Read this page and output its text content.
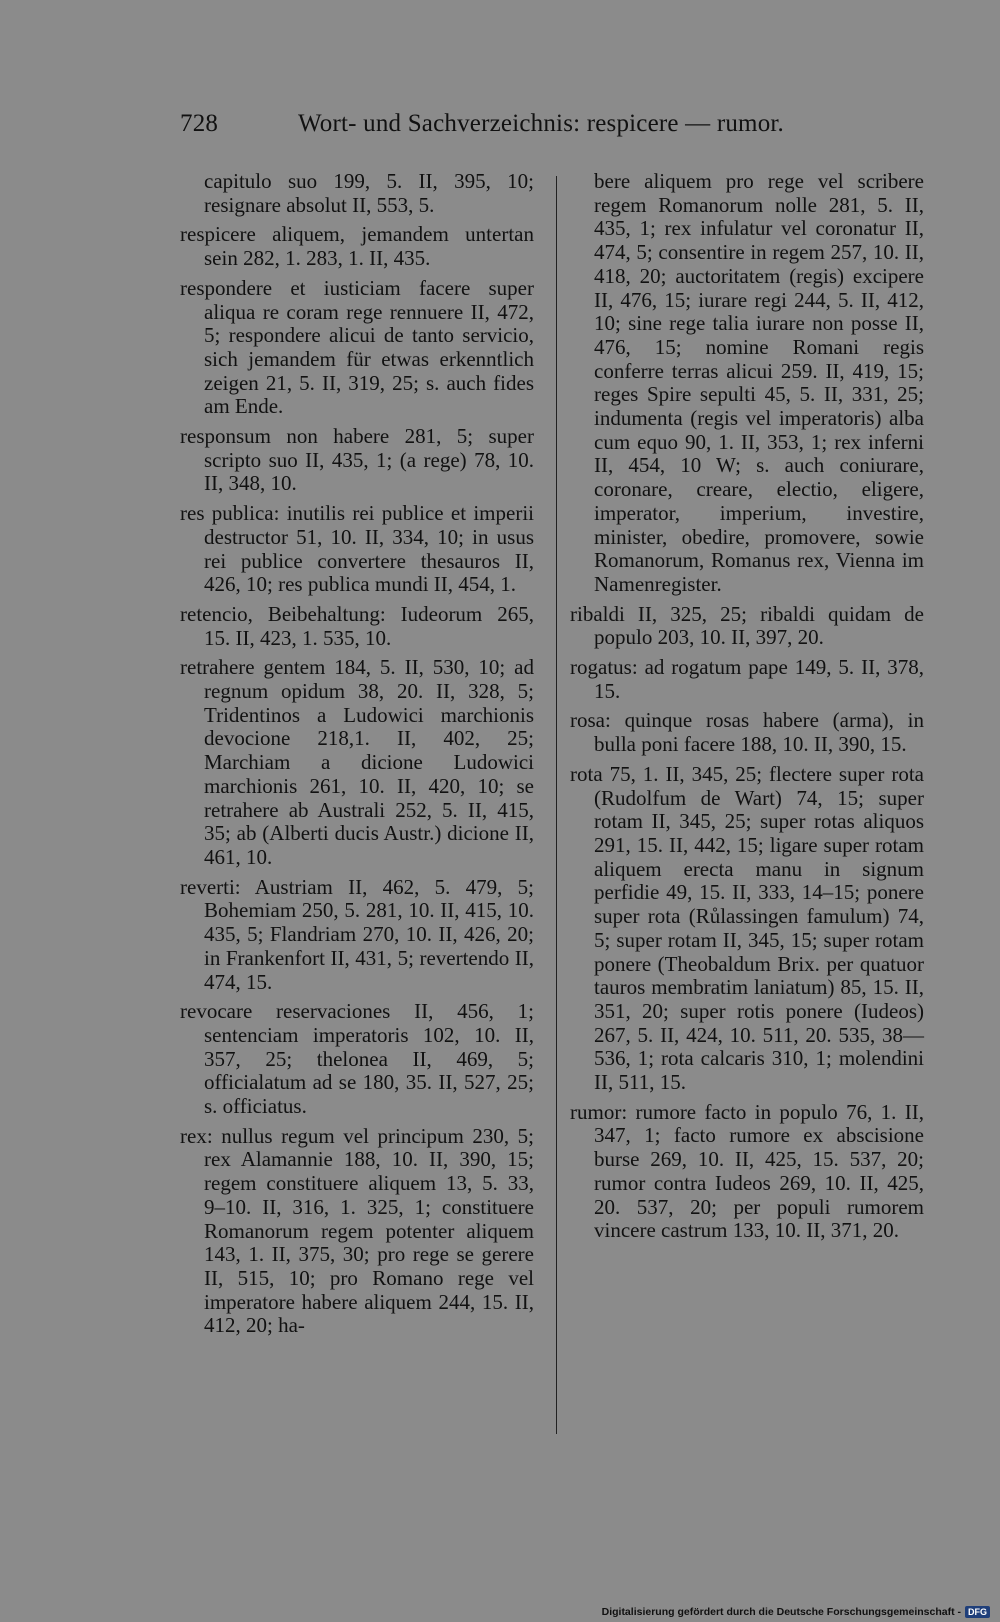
728	Wort- und Sachverzeichnis: respicere — rumor.

capitulo suo 199, 5. II, 395, 10; resignare absolut II, 553, 5.

respicere aliquem, jemandem untertan sein 282, 1. 283, 1. II, 435.

respondere et iusticiam facere super aliqua re coram rege rennuere II, 472, 5; respondere alicui de tanto servicio, sich jemandem für etwas erkenntlich zeigen 21, 5. II, 319, 25; s. auch fides am Ende.

responsum non habere 281, 5; super scripto suo II, 435, 1; (a rege) 78, 10. II, 348, 10.

res publica: inutilis rei publice et imperii destructor 51, 10. II, 334, 10; in usus rei publice convertere thesauros II, 426, 10; res publica mundi II, 454, 1.

retencio, Beibehaltung: Iudeorum 265, 15. II, 423, 1. 535, 10.

retrahere gentem 184, 5. II, 530, 10; ad regnum opidum 38, 20. II, 328, 5; Tridentinos a Ludowici marchionis devocione 218,1. II, 402, 25; Marchiam a dicione Ludowici marchionis 261, 10. II, 420, 10; se retrahere ab Australi 252, 5. II, 415, 35; ab (Alberti ducis Austr.) dicione II, 461, 10.

reverti: Austriam II, 462, 5. 479, 5; Bohemiam 250, 5. 281, 10. II, 415, 10. 435, 5; Flandriam 270, 10. II, 426, 20; in Frankenfort II, 431, 5; revertendo II, 474, 15.

revocare reservaciones II, 456, 1; sentenciam imperatoris 102, 10. II, 357, 25; thelonea II, 469, 5; officialatum ad se 180, 35. II, 527, 25; s. officiatus.

rex: nullus regum vel principum 230, 5; rex Alamannie 188, 10. II, 390, 15; regem constituere aliquem 13, 5. 33, 9–10. II, 316, 1. 325, 1; constituere Romanorum regem potenter aliquem 143, 1. II, 375, 30; pro rege se gerere II, 515, 10; pro Romano rege vel imperatore habere aliquem 244, 15. II, 412, 20; ha-

bere aliquem pro rege vel scribere regem Romanorum nolle 281, 5. II, 435, 1; rex infulatur vel coronatur II, 474, 5; consentire in regem 257, 10. II, 418, 20; auctoritatem (regis) excipere II, 476, 15; iurare regi 244, 5. II, 412, 10; sine rege talia iurare non posse II, 476, 15; nomine Romani regis conferre terras alicui 259. II, 419, 15; reges Spire sepulti 45, 5. II, 331, 25; indumenta (regis vel imperatoris) alba cum equo 90, 1. II, 353, 1; rex inferni II, 454, 10 W; s. auch coniurare, coronare, creare, electio, eligere, imperator, imperium, investire, minister, obedire, promovere, sowie Romanorum, Romanus rex, Vienna im Namenregister.

ribaldi II, 325, 25; ribaldi quidam de populo 203, 10. II, 397, 20.

rogatus: ad rogatum pape 149, 5. II, 378, 15.

rosa: quinque rosas habere (arma), in bulla poni facere 188, 10. II, 390, 15.

rota 75, 1. II, 345, 25; flectere super rota (Rudolfum de Wart) 74, 15; super rotam II, 345, 25; super rotas aliquos 291, 15. II, 442, 15; ligare super rotam aliquem erecta manu in signum perfidie 49, 15. II, 333, 14–15; ponere super rota (Růlassingen famulum) 74, 5; super rotam II, 345, 15; super rotam ponere (Theobaldum Brix. per quatuor tauros membratim laniatum) 85, 15. II, 351, 20; super rotis ponere (Iudeos) 267, 5. II, 424, 10. 511, 20. 535, 38—536, 1; rota calcaris 310, 1; molendini II, 511, 15.

rumor: rumore facto in populo 76, 1. II, 347, 1; facto rumore ex abscisione burse 269, 10. II, 425, 15. 537, 20; rumor contra Iudeos 269, 10. II, 425, 20. 537, 20; per populi rumorem vincere castrum 133, 10. II, 371, 20.

Digitalisierung gefördert durch die Deutsche Forschungsgemeinschaft - DFG
